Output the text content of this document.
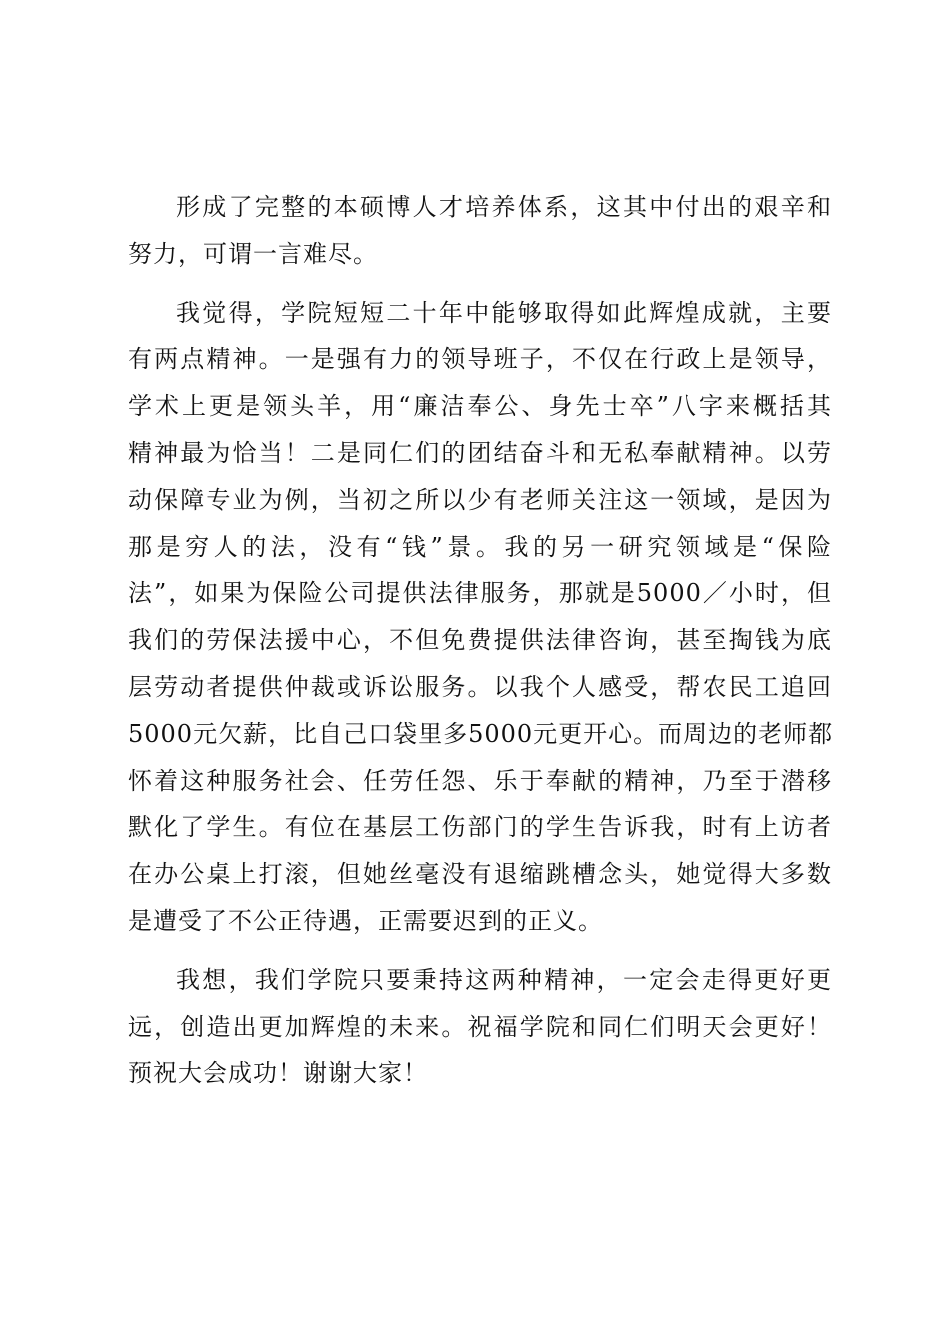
形成了完整的本硕博人才培养体系，这其中付出的艰辛和
努力，可谓一言难尽。
我觉得，学院短短二十年中能够取得如此辉煌成就，主要
有两点精神。一是强有力的领导班子，不仅在行政上是领导，
学术上更是领头羊，用“廉洁奉公、身先士卒”八字来概括其
精神最为恰当！二是同仁们的团结奋斗和无私奉献精神。以劳
动保障专业为例，当初之所以少有老师关注这一领域，是因为
那是穷人的法，没有“钱”景。我的另一研究领域是“保险
法”，如果为保险公司提供法律服务，那就是5000／小时，但
我们的劳保法援中心，不但免费提供法律咨询，甚至掏钱为底
层劳动者提供仲裁或诉讼服务。以我个人感受，帮农民工追回
5000元欠薪，比自己口袋里多5000元更开心。而周边的老师都
怀着这种服务社会、任劳任怨、乐于奉献的精神，乃至于潜移
默化了学生。有位在基层工伤部门的学生告诉我，时有上访者
在办公桌上打滚，但她丝毫没有退缩跳槽念头，她觉得大多数
是遭受了不公正待遇，正需要迟到的正义。
我想，我们学院只要秉持这两种精神，一定会走得更好更
远，创造出更加辉煌的未来。祝福学院和同仁们明天会更好！
预祝大会成功！谢谢大家！
